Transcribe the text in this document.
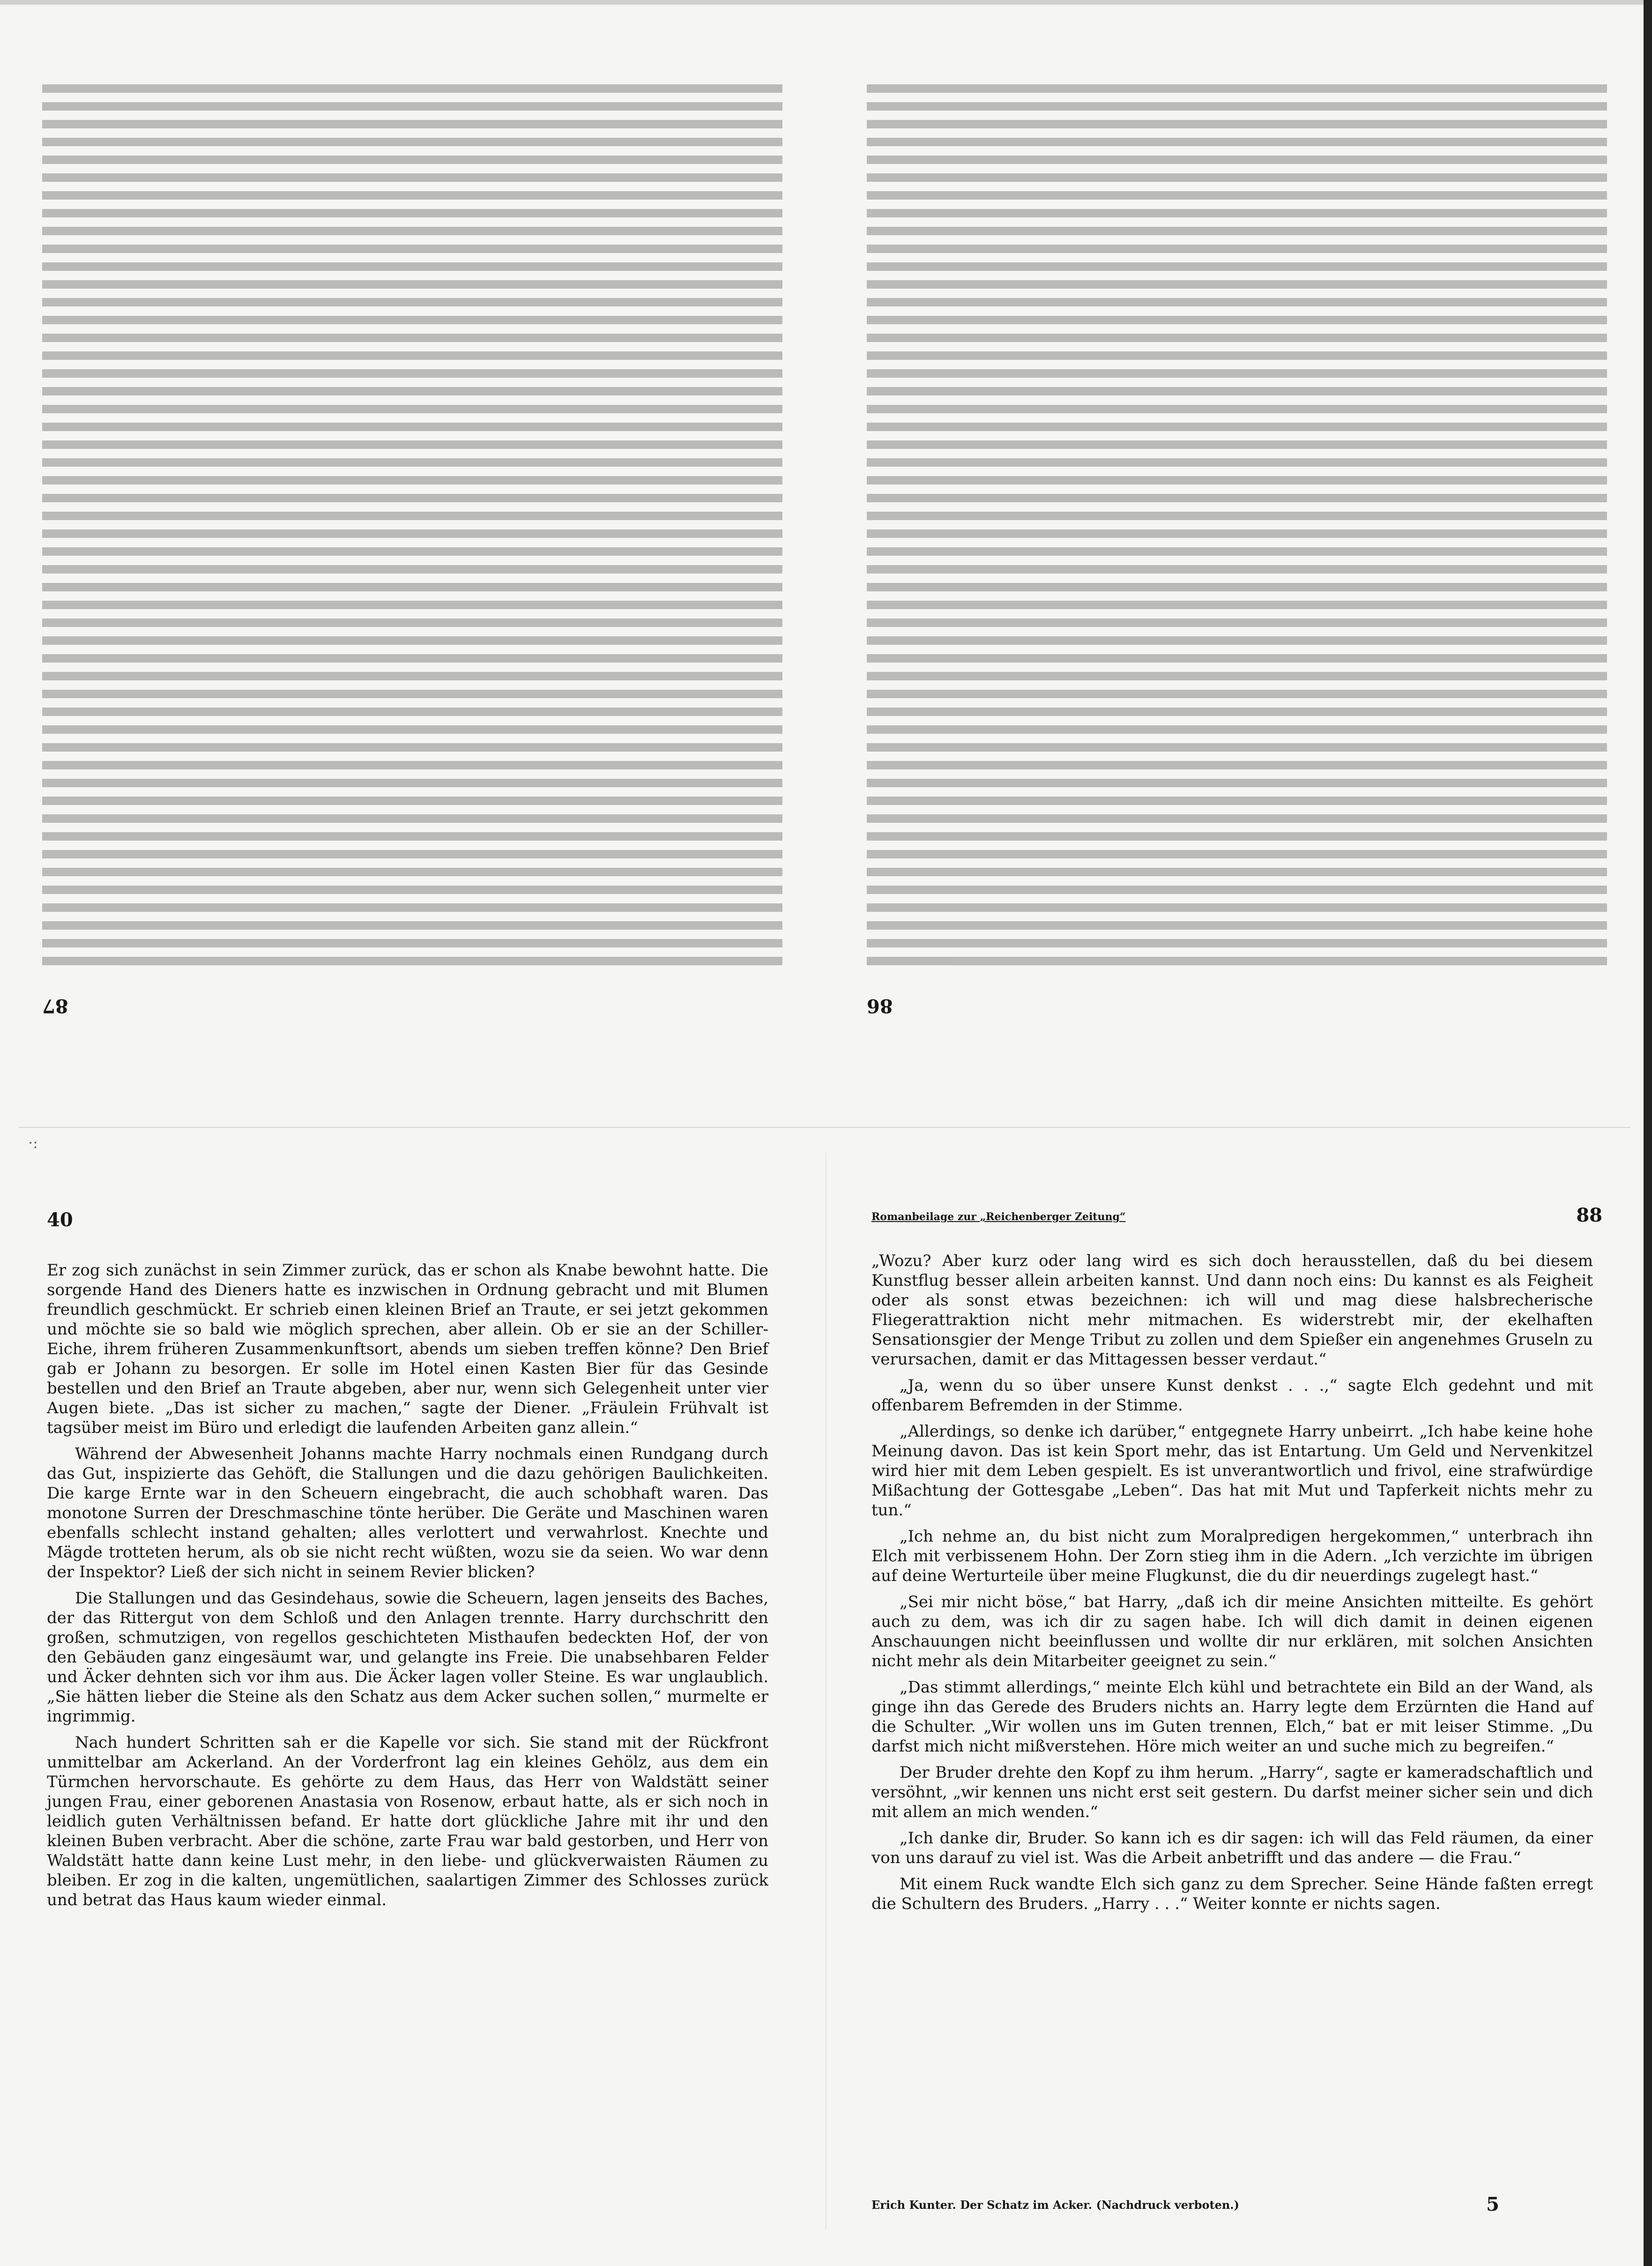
87	86
·:
40

Er zog sich zunächst in sein Zimmer zurück, das er schon als Knabe bewohnt hatte. Die sorgende Hand des Dieners hatte es inzwischen in Ordnung gebracht und mit Blumen freundlich geschmückt. Er schrieb einen kleinen Brief an Traute, er sei jetzt gekommen und möchte sie so bald wie möglich sprechen, aber allein. Ob er sie an der Schiller-Eiche, ihrem früheren Zusammenkunftsort, abends um sieben treffen könne? Den Brief gab er Johann zu besorgen. Er solle im Hotel einen Kasten Bier für das Gesinde bestellen und den Brief an Traute abgeben, aber nur, wenn sich Gelegenheit unter vier Augen biete. „Das ist sicher zu machen,“ sagte der Diener. „Fräulein Frühvalt ist tagsüber meist im Büro und erledigt die laufenden Arbeiten ganz allein.“

Während der Abwesenheit Johanns machte Harry nochmals einen Rundgang durch das Gut, inspizierte das Gehöft, die Stallungen und die dazu gehörigen Baulichkeiten. Die karge Ernte war in den Scheuern eingebracht, die auch schobhaft waren. Das monotone Surren der Dreschmaschine tönte herüber. Die Geräte und Maschinen waren ebenfalls schlecht instand gehalten; alles verlottert und verwahrlost. Knechte und Mägde trotteten herum, als ob sie nicht recht wüßten, wozu sie da seien. Wo war denn der Inspektor? Ließ der sich nicht in seinem Revier blicken?

Die Stallungen und das Gesindehaus, sowie die Scheuern, lagen jenseits des Baches, der das Rittergut von dem Schloß und den Anlagen trennte. Harry durchschritt den großen, schmutzigen, von regellos geschichteten Misthaufen bedeckten Hof, der von den Gebäuden ganz eingesäumt war, und gelangte ins Freie. Die unabsehbaren Felder und Äcker dehnten sich vor ihm aus. Die Äcker lagen voller Steine. Es war unglaublich. „Sie hätten lieber die Steine als den Schatz aus dem Acker suchen sollen,“ murmelte er ingrimmig.

Nach hundert Schritten sah er die Kapelle vor sich. Sie stand mit der Rückfront unmittelbar am Ackerland. An der Vorderfront lag ein kleines Gehölz, aus dem ein Türmchen hervorschaute. Es gehörte zu dem Haus, das Herr von Waldstätt seiner jungen Frau, einer geborenen Anastasia von Rosenow, erbaut hatte, als er sich noch in leidlich guten Verhältnissen befand. Er hatte dort glückliche Jahre mit ihr und den kleinen Buben verbracht. Aber die schöne, zarte Frau war bald gestorben, und Herr von Waldstätt hatte dann keine Lust mehr, in den liebe- und glückverwaisten Räumen zu bleiben. Er zog in die kalten, ungemütlichen, saalartigen Zimmer des Schlosses zurück und betrat das Haus kaum wieder einmal.

Romanbeilage zur „Reichenberger Zeitung“	88

„Wozu? Aber kurz oder lang wird es sich doch herausstellen, daß du bei diesem Kunstflug besser allein arbeiten kannst. Und dann noch eins: Du kannst es als Feigheit oder als sonst etwas bezeichnen: ich will und mag diese halsbrecherische Fliegerattraktion nicht mehr mitmachen. Es widerstrebt mir, der ekelhaften Sensationsgier der Menge Tribut zu zollen und dem Spießer ein angenehmes Gruseln zu verursachen, damit er das Mittagessen besser verdaut.“

„Ja, wenn du so über unsere Kunst denkst . . .,“ sagte Elch gedehnt und mit offenbarem Befremden in der Stimme.

„Allerdings, so denke ich darüber,“ entgegnete Harry unbeirrt. „Ich habe keine hohe Meinung davon. Das ist kein Sport mehr, das ist Entartung. Um Geld und Nervenkitzel wird hier mit dem Leben gespielt. Es ist unverantwortlich und frivol, eine strafwürdige Mißachtung der Gottesgabe „Leben“. Das hat mit Mut und Tapferkeit nichts mehr zu tun.“

„Ich nehme an, du bist nicht zum Moralpredigen hergekommen,“ unterbrach ihn Elch mit verbissenem Hohn. Der Zorn stieg ihm in die Adern. „Ich verzichte im übrigen auf deine Werturteile über meine Flugkunst, die du dir neuerdings zugelegt hast.“

„Sei mir nicht böse,“ bat Harry, „daß ich dir meine Ansichten mitteilte. Es gehört auch zu dem, was ich dir zu sagen habe. Ich will dich damit in deinen eigenen Anschauungen nicht beeinflussen und wollte dir nur erklären, mit solchen Ansichten nicht mehr als dein Mitarbeiter geeignet zu sein.“

„Das stimmt allerdings,“ meinte Elch kühl und betrachtete ein Bild an der Wand, als ginge ihn das Gerede des Bruders nichts an. Harry legte dem Erzürnten die Hand auf die Schulter. „Wir wollen uns im Guten trennen, Elch,“ bat er mit leiser Stimme. „Du darfst mich nicht mißverstehen. Höre mich weiter an und suche mich zu begreifen.“

Der Bruder drehte den Kopf zu ihm herum. „Harry“, sagte er kameradschaftlich und versöhnt, „wir kennen uns nicht erst seit gestern. Du darfst meiner sicher sein und dich mit allem an mich wenden.“

„Ich danke dir, Bruder. So kann ich es dir sagen: ich will das Feld räumen, da einer von uns darauf zu viel ist. Was die Arbeit anbetrifft und das andere — die Frau.“

Mit einem Ruck wandte Elch sich ganz zu dem Sprecher. Seine Hände faßten erregt die Schultern des Bruders. „Harry . . .“ Weiter konnte er nichts sagen.

Erich Kunter. Der Schatz im Acker. (Nachdruck verboten.)	5
